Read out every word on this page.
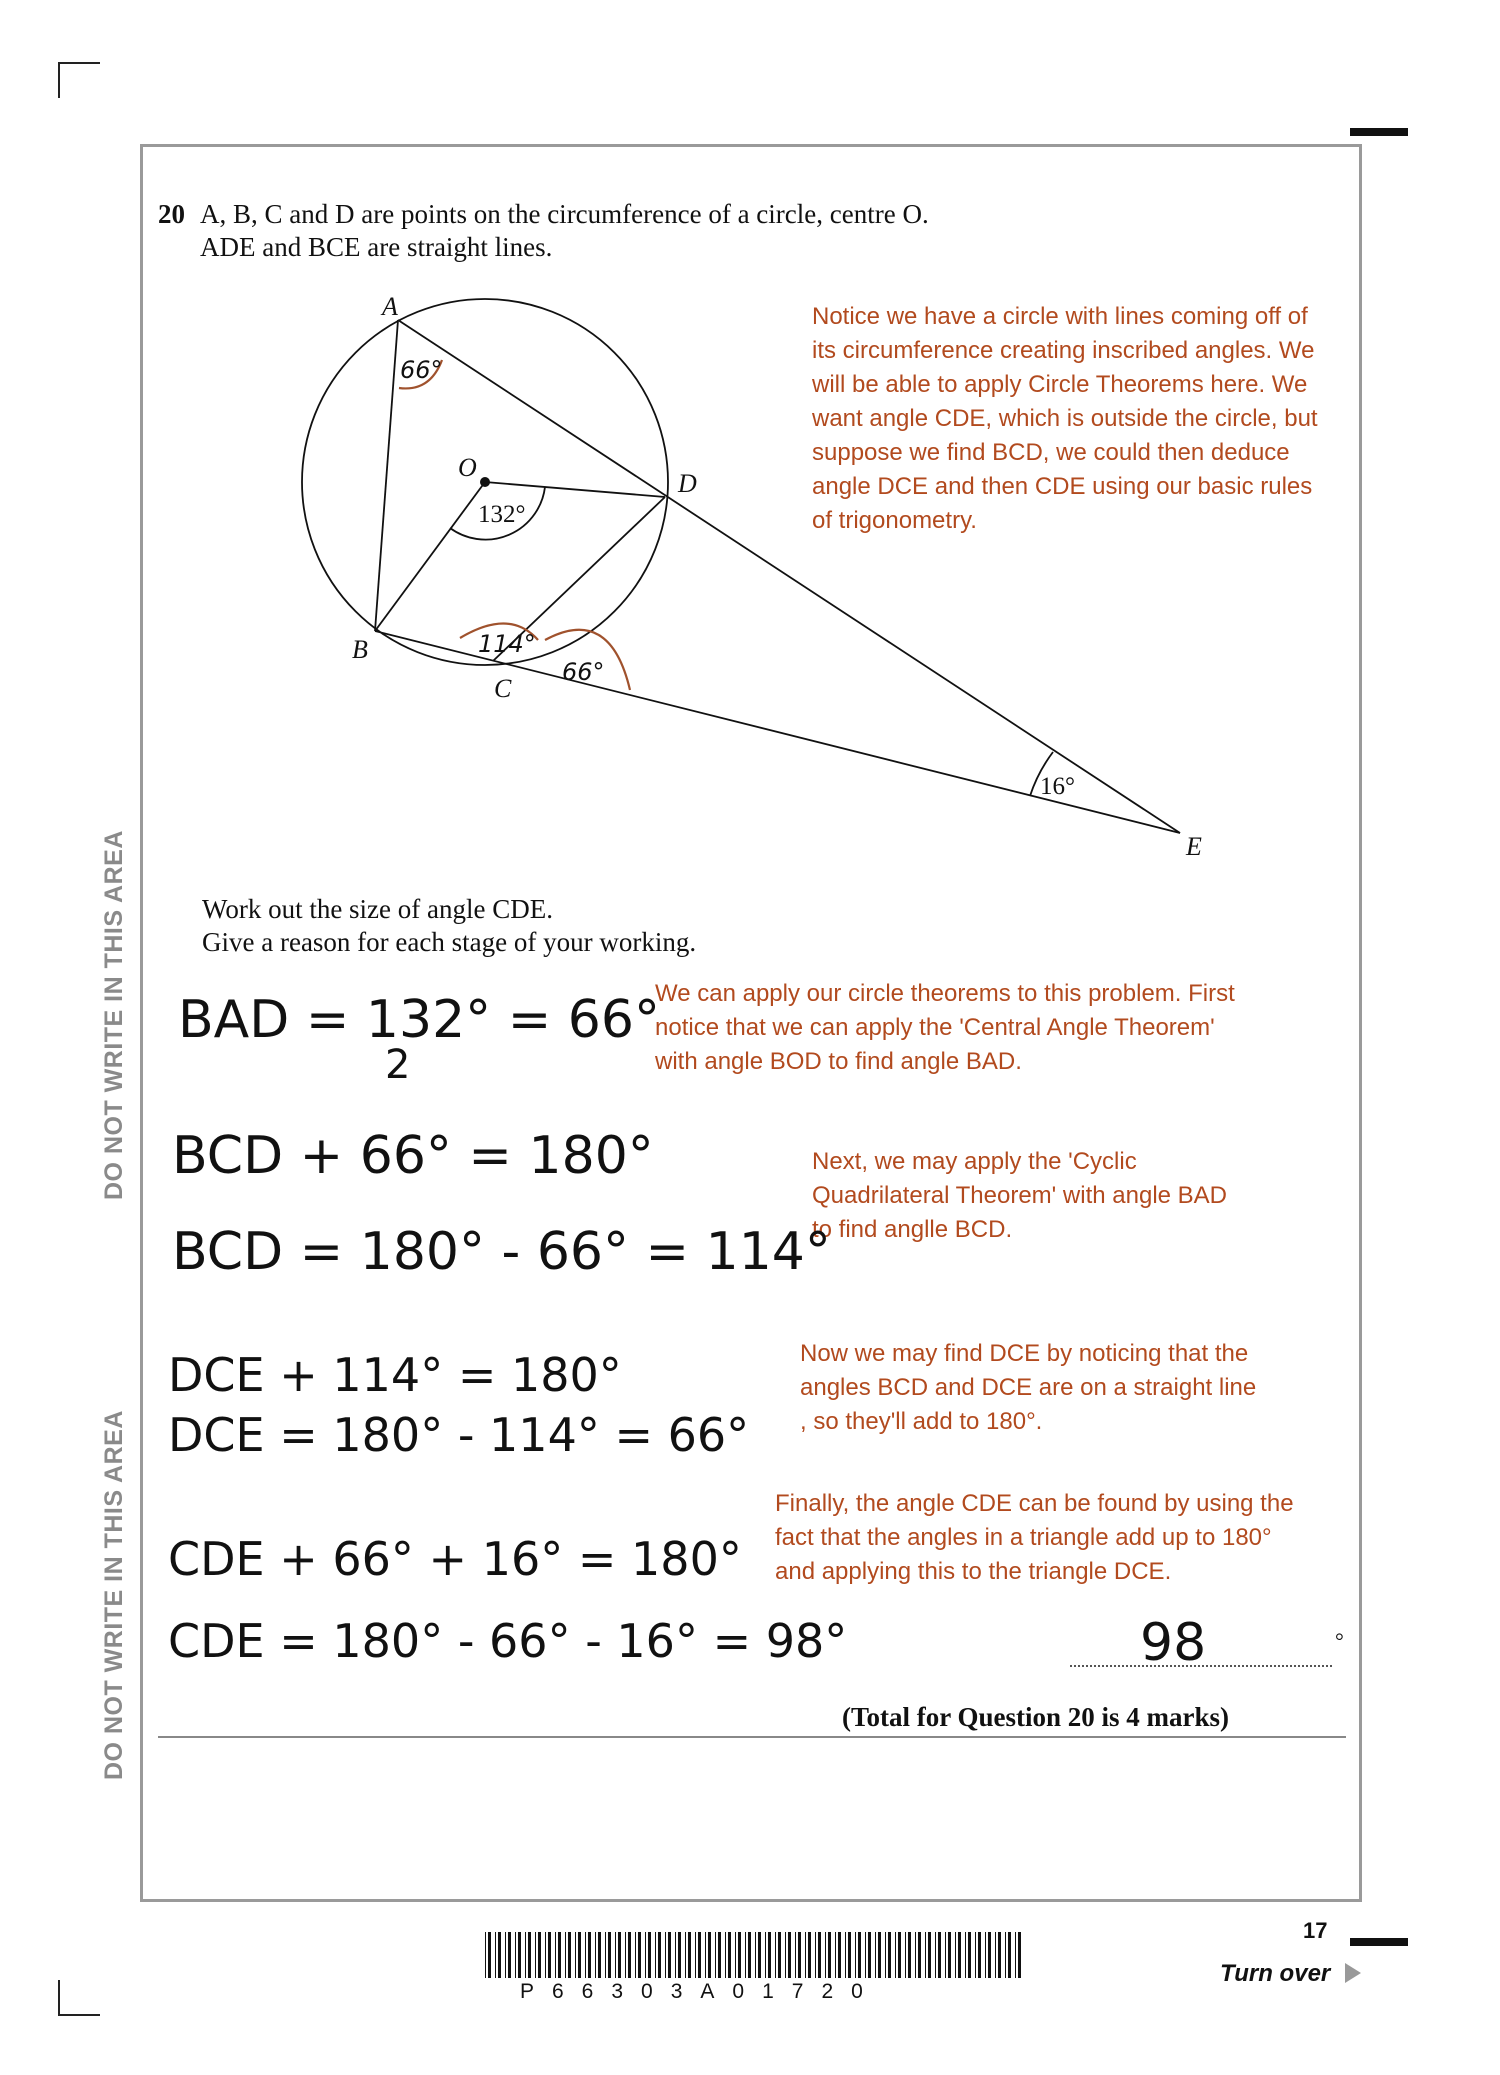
DO NOT WRITE IN THIS AREA
DO NOT WRITE IN THIS AREA
20 A, B, C and D are points on the circumference of a circle, centre O.
ADE and BCE are straight lines.
A
O
D
B
C
E
132°
16°
66°
114°
66°
Notice we have a circle with lines coming off of its circumference creating inscribed angles. We will be able to apply Circle Theorems here. We want angle CDE, which is outside the circle, but suppose we find BCD, we could then deduce angle DCE and then CDE using our basic rules of trigonometry.
We can apply our circle theorems to this problem. First notice that we can apply the 'Central Angle Theorem' with angle BOD to find angle BAD.
Next, we may apply the 'Cyclic Quadrilateral Theorem' with angle BAD to find anglle BCD.
Now we may find DCE by noticing that the angles BCD and DCE are on a straight line , so they'll add to 180°.
Finally, the angle CDE can be found by using the fact that the angles in a triangle add up to 180° and applying this to the triangle DCE.
Work out the size of angle CDE.
Give a reason for each stage of your working.
BAD = 132° = 66°
2
BCD + 66° = 180°
BCD = 180° - 66° = 114°
DCE + 114° = 180°
DCE = 180° - 114° = 66°
CDE + 66° + 16° = 180°
CDE = 180° - 66° - 16° = 98°	98	°
(Total for Question 20 is 4 marks)
P66303A01720
17
Turn over
